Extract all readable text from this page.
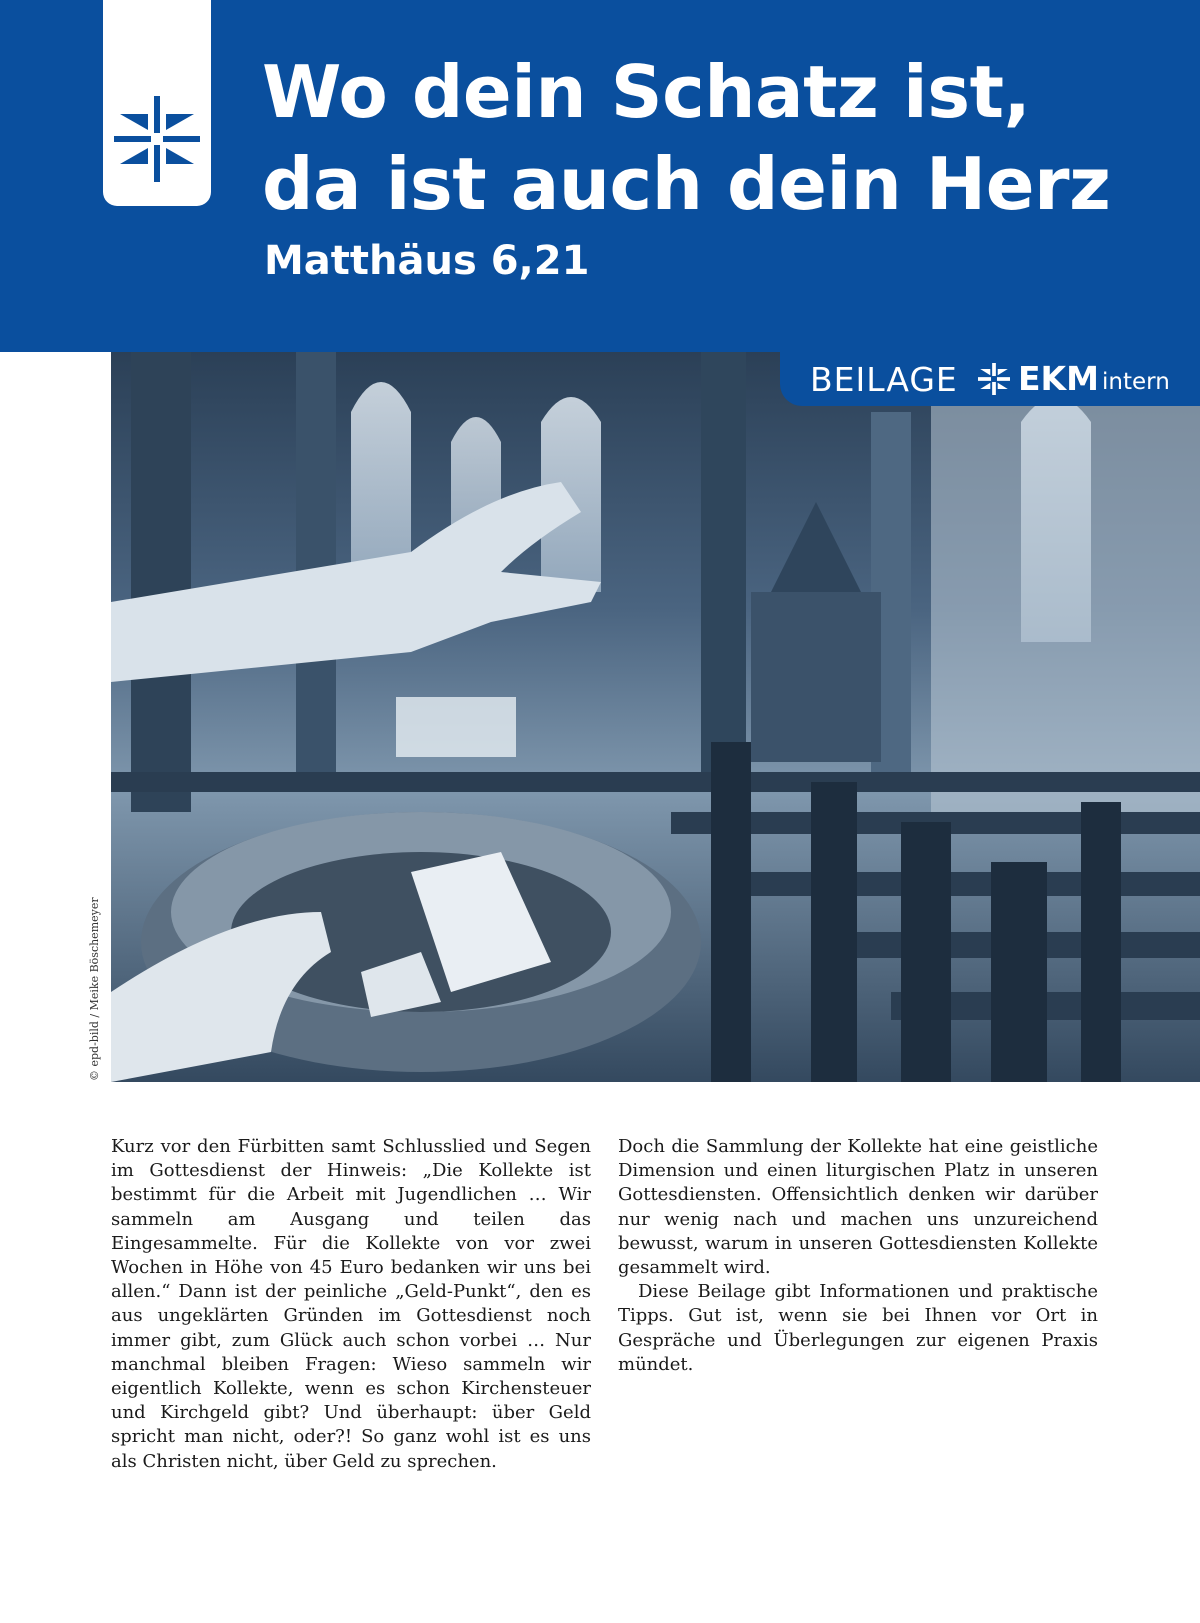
Wo dein Schatz ist,
da ist auch dein Herz
Matthäus 6,21
BEILAGE EKM intern
© epd-bild / Meike Böschemeyer

Kurz vor den Fürbitten samt Schlusslied und Segen im Gottesdienst der Hinweis: „Die Kollekte ist bestimmt für die Arbeit mit Jugendlichen … Wir sammeln am Ausgang und teilen das Eingesammelte. Für die Kollekte von vor zwei Wochen in Höhe von 45 Euro bedanken wir uns bei allen.“ Dann ist der peinliche „Geld-Punkt“, den es aus ungeklärten Gründen im Gottesdienst noch immer gibt, zum Glück auch schon vorbei … Nur manchmal bleiben Fragen: Wieso sammeln wir eigentlich Kollekte, wenn es schon Kirchensteuer und Kirchgeld gibt? Und überhaupt: über Geld spricht man nicht, oder?! So ganz wohl ist es uns als Christen nicht, über Geld zu sprechen.

Doch die Sammlung der Kollekte hat eine geistliche Dimension und einen liturgischen Platz in unseren Gottesdiensten. Offensichtlich denken wir darüber nur wenig nach und machen uns unzureichend bewusst, warum in unseren Gottesdiensten Kollekte gesammelt wird.

Diese Beilage gibt Informationen und praktische Tipps. Gut ist, wenn sie bei Ihnen vor Ort in Gespräche und Überlegungen zur eigenen Praxis mündet.
